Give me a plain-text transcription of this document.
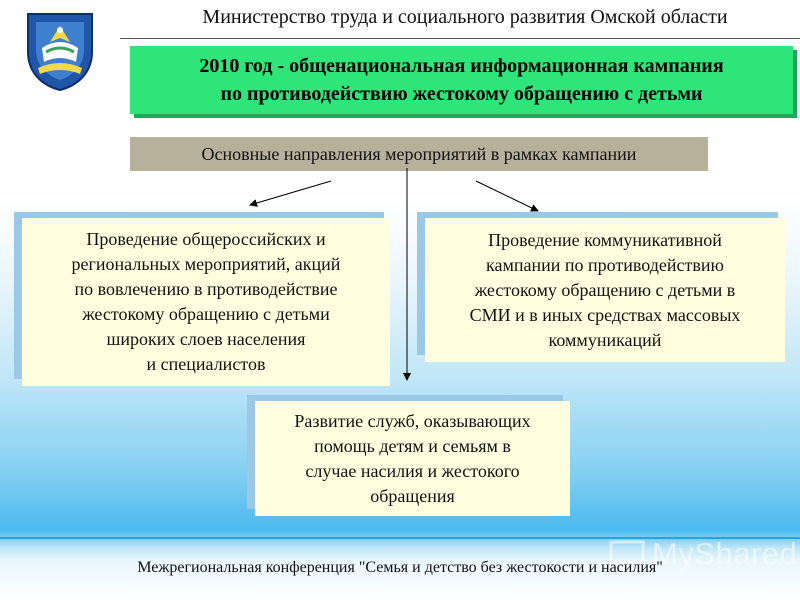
Министерство труда и социального развития Омской области
2010 год - общенациональная информационная кампания
по противодействию жестокому обращению с детьми
Основные направления мероприятий в рамках кампании
Проведение общероссийских и
региональных мероприятий, акций
по вовлечению в противодействие
жестокому обращению с детьми
широких слоев населения
и специалистов
Проведение коммуникативной
кампании по противодействию
жестокому обращению с детьми в
СМИ и в иных средствах массовых
коммуникаций
Развитие служб, оказывающих
помощь детям и семьям в
случае насилия и жестокого
обращения
MyShared
Межрегиональная конференция "Семья и детство без жестокости и насилия"
